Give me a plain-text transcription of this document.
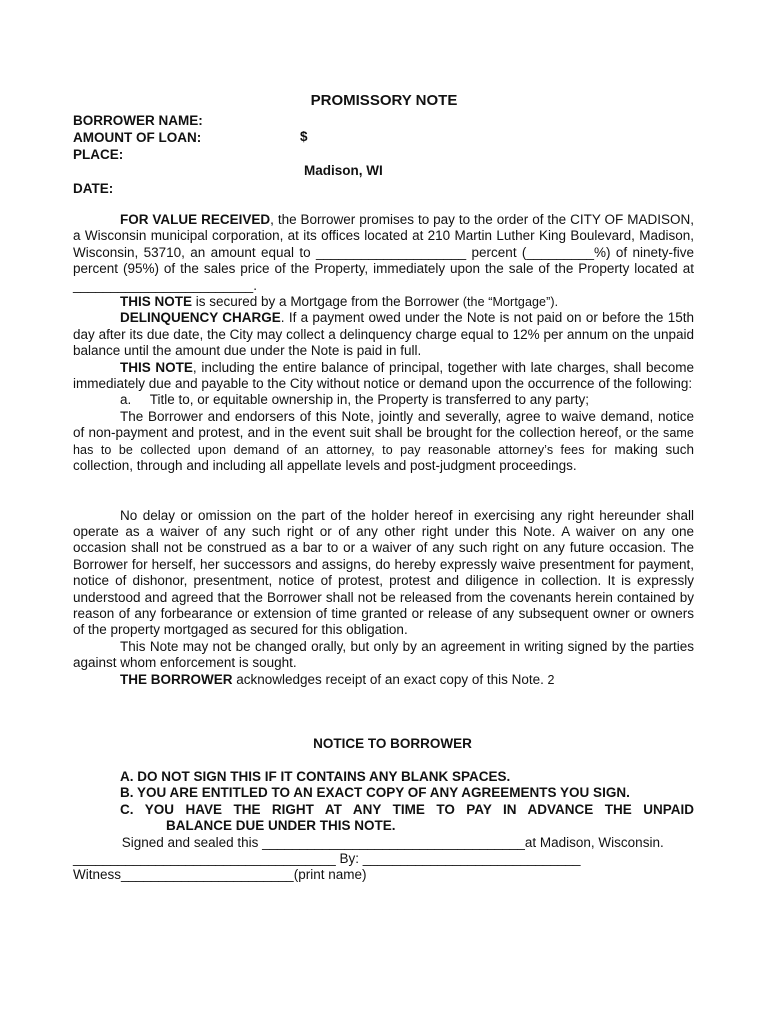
PROMISSORY NOTE
BORROWER NAME:
AMOUNT OF LOAN:	$
PLACE:
Madison, WI
DATE:

FOR VALUE RECEIVED, the Borrower promises to pay to the order of the CITY OF MADISON, a Wisconsin municipal corporation, at its offices located at 210 Martin Luther King Boulevard, Madison, Wisconsin, 53710, an amount equal to ____________________ percent (_________%) of ninety-five percent (95%) of the sales price of the Property, immediately upon the sale of the Property located at ________________________.

THIS NOTE is secured by a Mortgage from the Borrower (the “Mortgage”).

DELINQUENCY CHARGE. If a payment owed under the Note is not paid on or before the 15th day after its due date, the City may collect a delinquency charge equal to 12% per annum on the unpaid balance until the amount due under the Note is paid in full.

THIS NOTE, including the entire balance of principal, together with late charges, shall become immediately due and payable to the City without notice or demand upon the occurrence of the following:

a.     Title to, or equitable ownership in, the Property is transferred to any party;

The Borrower and endorsers of this Note, jointly and severally, agree to waive demand, notice of non-payment and protest, and in the event suit shall be brought for the collection hereof, or the same has to be collected upon demand of an attorney, to pay reasonable attorney’s fees for making such collection, through and including all appellate levels and post-judgment proceedings.

No delay or omission on the part of the holder hereof in exercising any right hereunder shall operate as a waiver of any such right or of any other right under this Note. A waiver on any one occasion shall not be construed as a bar to or a waiver of any such right on any future occasion. The Borrower for herself, her successors and assigns, do hereby expressly waive presentment for payment, notice of dishonor, presentment, notice of protest, protest and diligence in collection. It is expressly understood and agreed that the Borrower shall not be released from the covenants herein contained by reason of any forbearance or extension of time granted or release of any subsequent owner or owners of the property mortgaged as secured for this obligation.

This Note may not be changed orally, but only by an agreement in writing signed by the parties against whom enforcement is sought.

THE BORROWER acknowledges receipt of an exact copy of this Note. 2

NOTICE TO BORROWER

A. DO NOT SIGN THIS IF IT CONTAINS ANY BLANK SPACES.

B. YOU ARE ENTITLED TO AN EXACT COPY OF ANY AGREEMENTS YOU SIGN.

C. YOU HAVE THE RIGHT AT ANY TIME TO PAY IN ADVANCE THE UNPAID

BALANCE DUE UNDER THIS NOTE.

Signed and sealed this ___________________________________at Madison, Wisconsin.
___________________________________ By: _____________________________
Witness_______________________(print name)
